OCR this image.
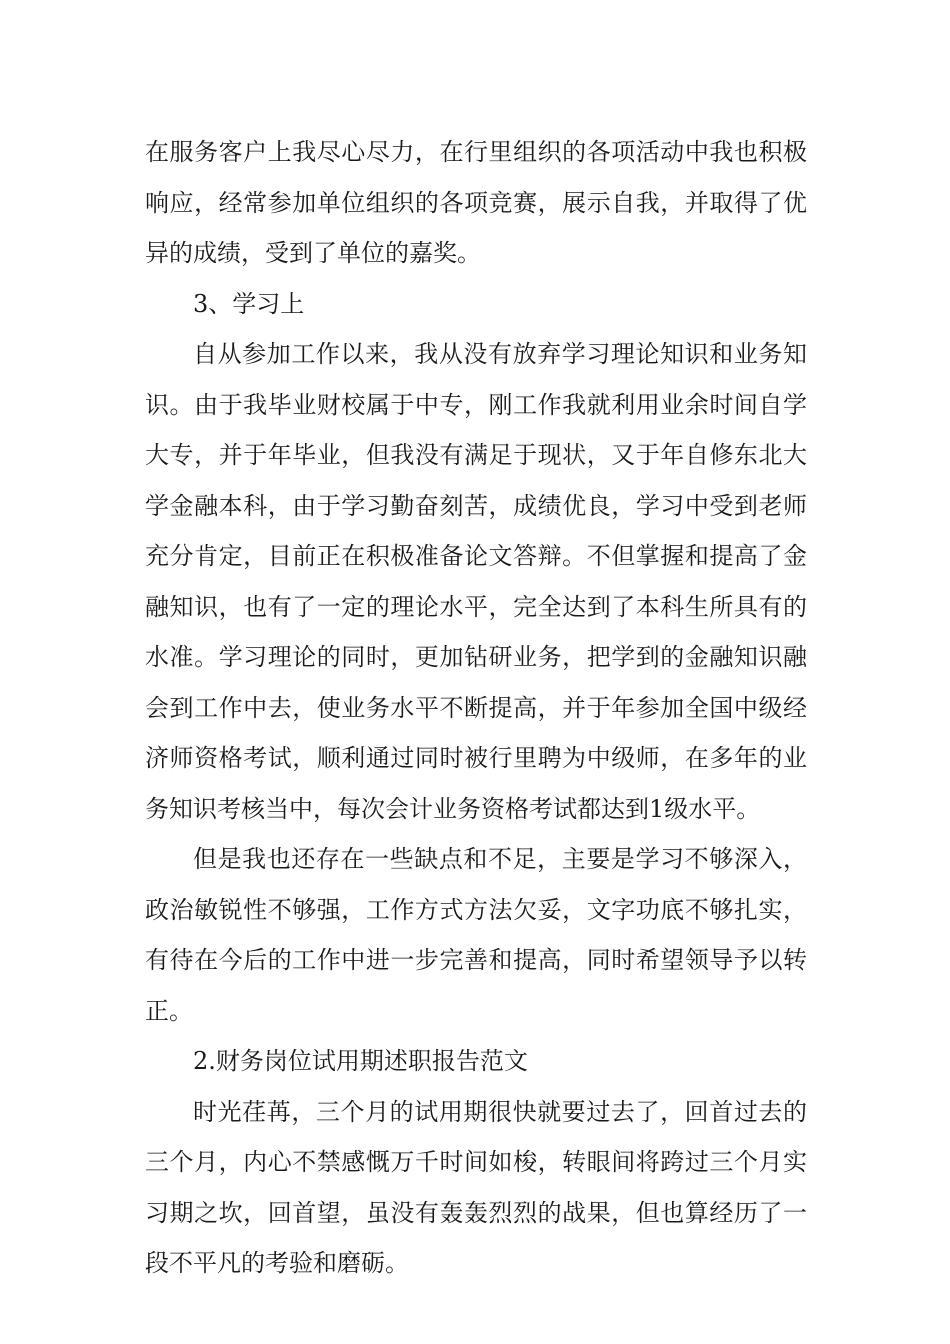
在服务客户上我尽心尽力，在行里组织的各项活动中我也积极响应，经常参加单位组织的各项竞赛，展示自我，并取得了优异的成绩，受到了单位的嘉奖。

3、学习上

自从参加工作以来，我从没有放弃学习理论知识和业务知识。由于我毕业财校属于中专，刚工作我就利用业余时间自学大专，并于年毕业，但我没有满足于现状，又于年自修东北大学金融本科，由于学习勤奋刻苦，成绩优良，学习中受到老师充分肯定，目前正在积极准备论文答辩。不但掌握和提高了金融知识，也有了一定的理论水平，完全达到了本科生所具有的水准。学习理论的同时，更加钻研业务，把学到的金融知识融会到工作中去，使业务水平不断提高，并于年参加全国中级经济师资格考试，顺利通过同时被行里聘为中级师，在多年的业务知识考核当中，每次会计业务资格考试都达到1级水平。

但是我也还存在一些缺点和不足，主要是学习不够深入，政治敏锐性不够强，工作方式方法欠妥，文字功底不够扎实，有待在今后的工作中进一步完善和提高，同时希望领导予以转正。

2.财务岗位试用期述职报告范文

时光荏苒，三个月的试用期很快就要过去了，回首过去的三个月，内心不禁感慨万千时间如梭，转眼间将跨过三个月实习期之坎，回首望，虽没有轰轰烈烈的战果，但也算经历了一段不平凡的考验和磨砺。
